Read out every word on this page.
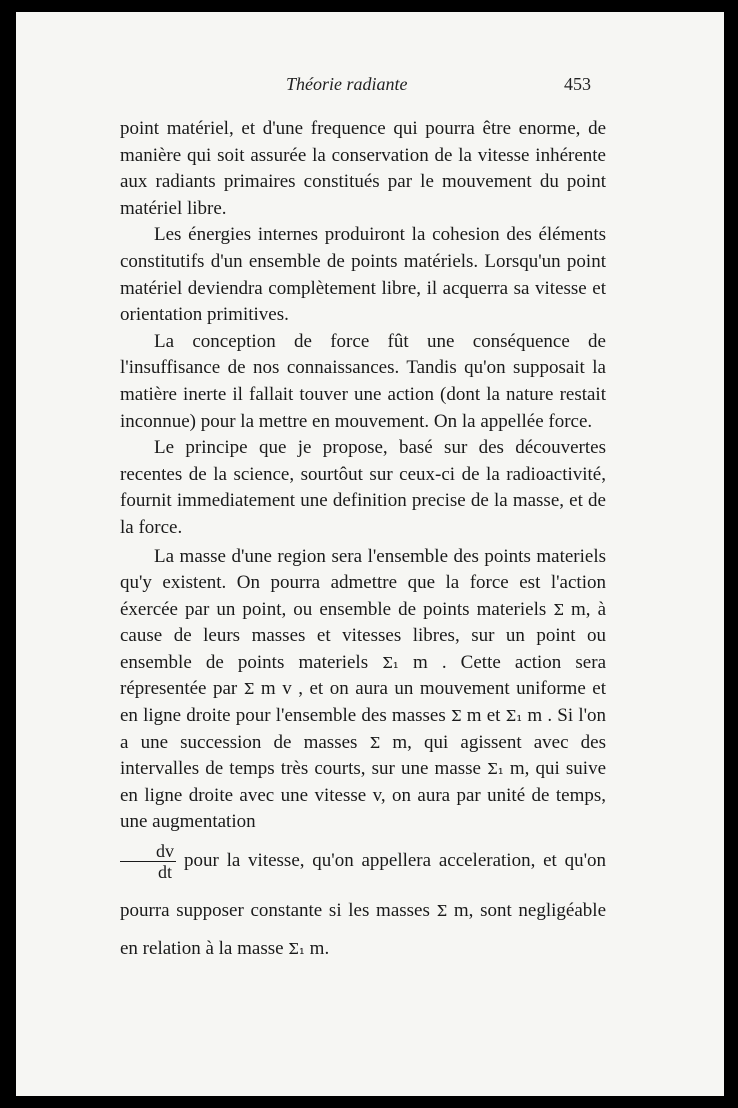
Théorie radiante	453

point matériel, et d'une frequence qui pourra être enorme, de manière qui soit assurée la conservation de la vitesse inhérente aux radiants primaires constitués par le mouvement du point matériel libre.

Les énergies internes produiront la cohesion des éléments constitutifs d'un ensemble de points matériels. Lorsqu'un point matériel deviendra complètement libre, il acquerra sa vitesse et orientation primitives.

La conception de force fût une conséquence de l'insuffisance de nos connaissances. Tandis qu'on supposait la matière inerte il fallait touver une action (dont la nature restait inconnue) pour la mettre en mouvement. On la appellée force.

Le principe que je propose, basé sur des découvertes recentes de la science, sourtôut sur ceux-ci de la radioactivité, fournit immediatement une definition precise de la masse, et de la force.

La masse d'une region sera l'ensemble des points materiels qu'y existent. On pourra admettre que la force est l'action éxercée par un point, ou ensemble de points materiels Σ m, à cause de leurs masses et vitesses libres, sur un point ou ensemble de points materiels Σ₁ m . Cette action sera répresentée par Σ m v , et on aura un mouvement uniforme et en ligne droite pour l'ensemble des masses Σ m et Σ₁ m . Si l'on a une succession de masses Σ m, qui agissent avec des intervalles de temps très courts, sur une masse Σ₁ m, qui suive en ligne droite avec une vitesse v, on aura par unité de temps, une augmentation

$\frac{dv}{dt}$ pour la vitesse, qu'on appellera acceleration, et qu'on pourra supposer constante si les masses Σ m, sont negligéable en relation à la masse Σ₁ m.
